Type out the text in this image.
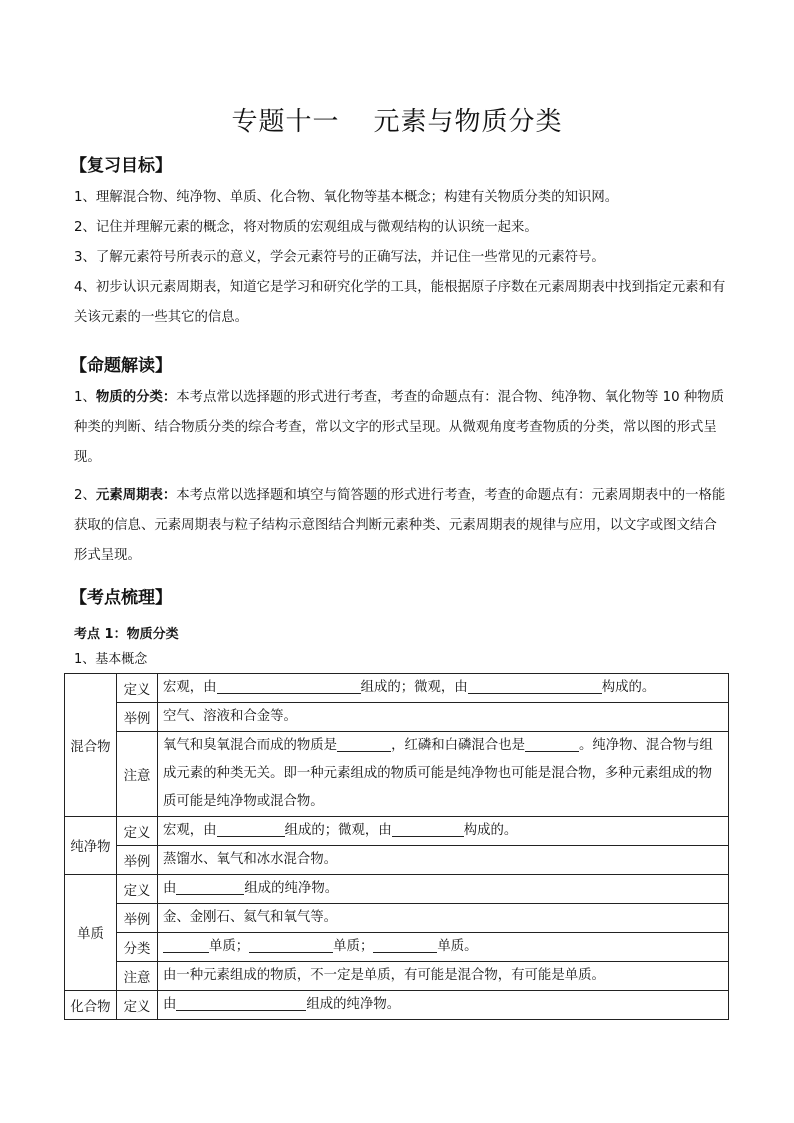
专题十一 元素与物质分类
【复习目标】
1、理解混合物、纯净物、单质、化合物、氧化物等基本概念；构建有关物质分类的知识网。
2、记住并理解元素的概念，将对物质的宏观组成与微观结构的认识统一起来。
3、了解元素符号所表示的意义，学会元素符号的正确写法，并记住一些常见的元素符号。
4、初步认识元素周期表，知道它是学习和研究化学的工具，能根据原子序数在元素周期表中找到指定元素和有关该元素的一些其它的信息。
【命题解读】
1、物质的分类：本考点常以选择题的形式进行考查，考查的命题点有：混合物、纯净物、氧化物等 10 种物质种类的判断、结合物质分类的综合考查，常以文字的形式呈现。从微观角度考查物质的分类，常以图的形式呈现。
2、元素周期表：本考点常以选择题和填空与简答题的形式进行考查，考查的命题点有：元素周期表中的一格能获取的信息、元素周期表与粒子结构示意图结合判断元素种类、元素周期表的规律与应用，以文字或图文结合形式呈现。
【考点梳理】
考点 1：物质分类
1、基本概念
混合物	定义	宏观，由 组成的；微观，由 构成的。
	举例	空气、溶液和合金等。
	注意	氧气和臭氧混合而成的物质是 ，红磷和白磷混合也是 。纯净物、混合物与组成元素的种类无关。即一种元素组成的物质可能是纯净物也可能是混合物，多种元素组成的物质可能是纯净物或混合物。
纯净物	定义	宏观，由 组成的；微观，由 构成的。
	举例	蒸馏水、氧气和冰水混合物。
单质	定义	由 组成的纯净物。
	举例	金、金刚石、氦气和氧气等。
	分类	单质； 单质； 单质。
	注意	由一种元素组成的物质，不一定是单质，有可能是混合物，有可能是单质。
化合物	定义	由 组成的纯净物。
